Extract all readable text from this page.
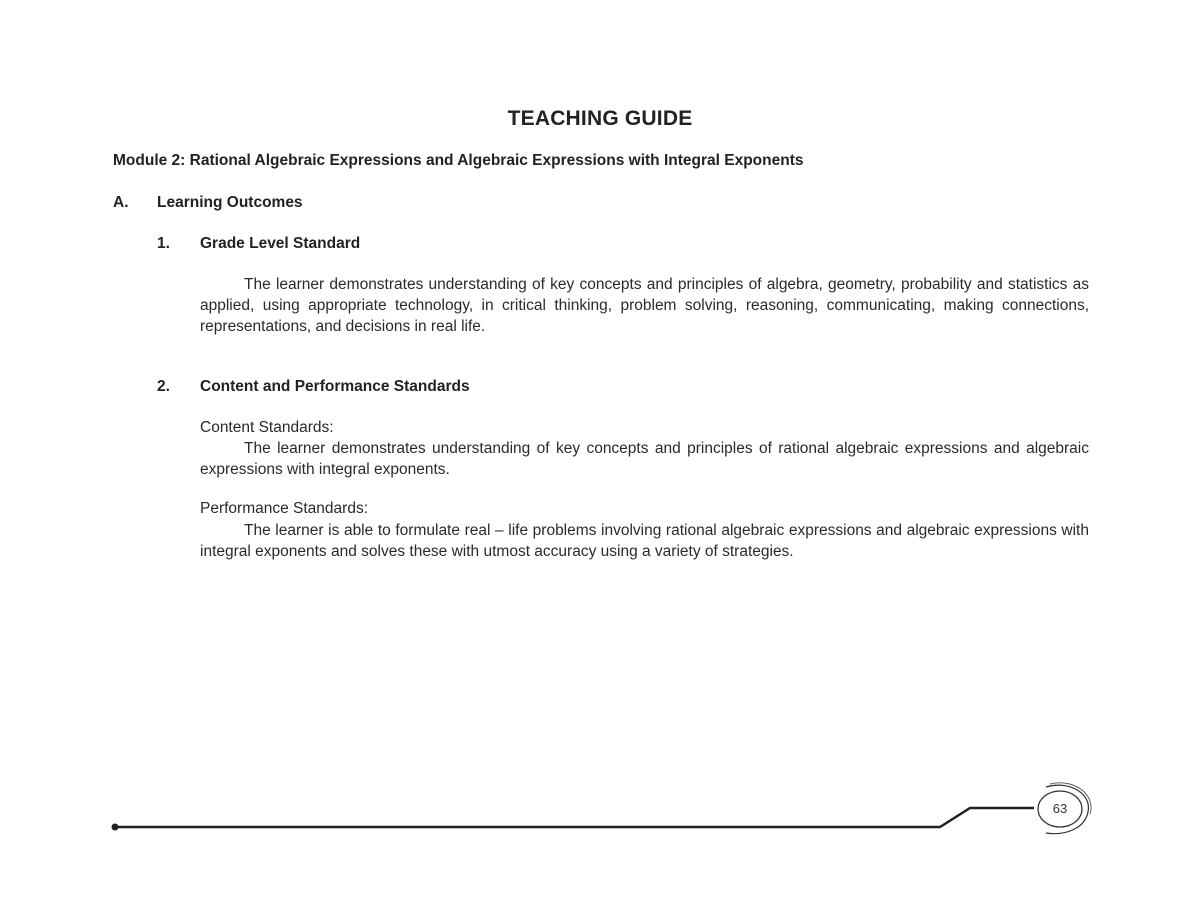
TEACHING GUIDE
Module 2: Rational Algebraic Expressions and Algebraic Expressions with Integral Exponents
A. Learning Outcomes
1. Grade Level Standard
The learner demonstrates understanding of key concepts and principles of algebra, geometry, probability and statistics as applied, using appropriate technology, in critical thinking, problem solving, reasoning, communicating, making connections, representations, and decisions in real life.
2. Content and Performance Standards
Content Standards:
The learner demonstrates understanding of key concepts and principles of rational algebraic expressions and algebraic expressions with integral exponents.
Performance Standards:
The learner is able to formulate real – life problems involving rational algebraic expressions and algebraic expressions with integral exponents and solves these with utmost accuracy using a variety of strategies.
63
